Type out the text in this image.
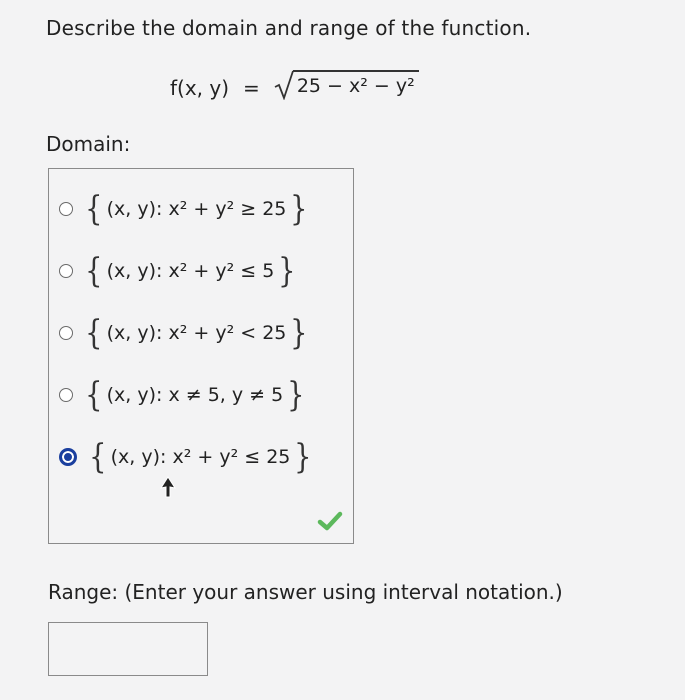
Describe the domain and range of the function.
f(x, y) = 25 − x² − y²
Domain:
{ (x, y): x² + y² ≥ 25 }
{ (x, y): x² + y² ≤ 5 }
{ (x, y): x² + y² < 25 }
{ (x, y): x ≠ 5, y ≠ 5 }
{ (x, y): x² + y² ≤ 25 }
Range: (Enter your answer using interval notation.)
